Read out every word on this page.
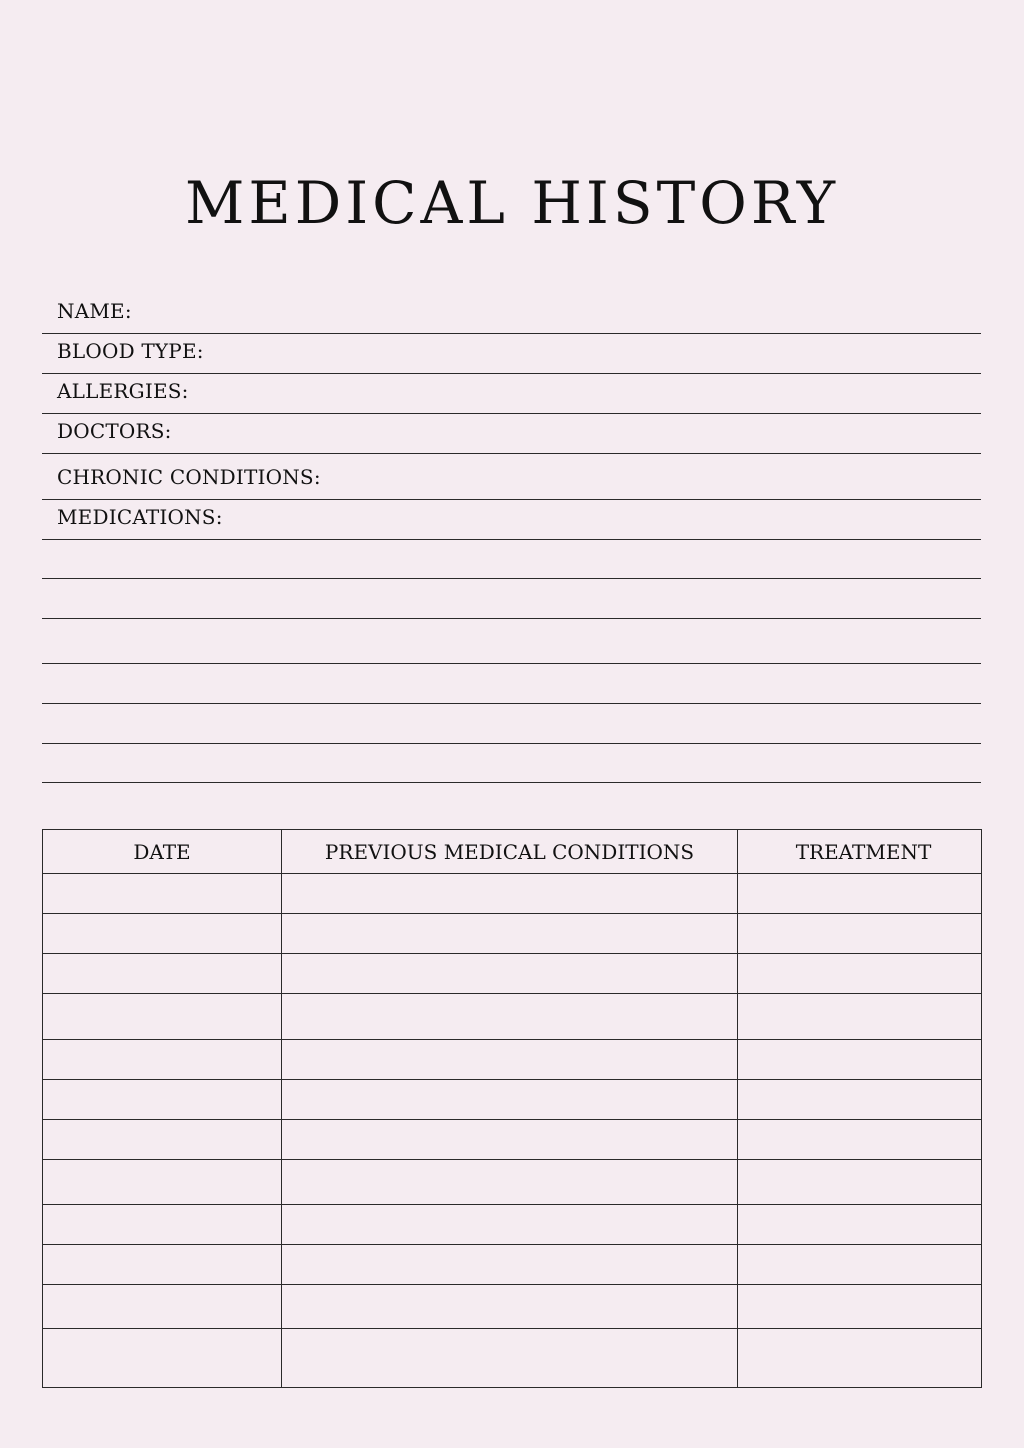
MEDICAL HISTORY
NAME:
BLOOD TYPE:
ALLERGIES:
DOCTORS:
CHRONIC CONDITIONS:
MEDICATIONS:
DATE	PREVIOUS MEDICAL CONDITIONS	TREATMENT
